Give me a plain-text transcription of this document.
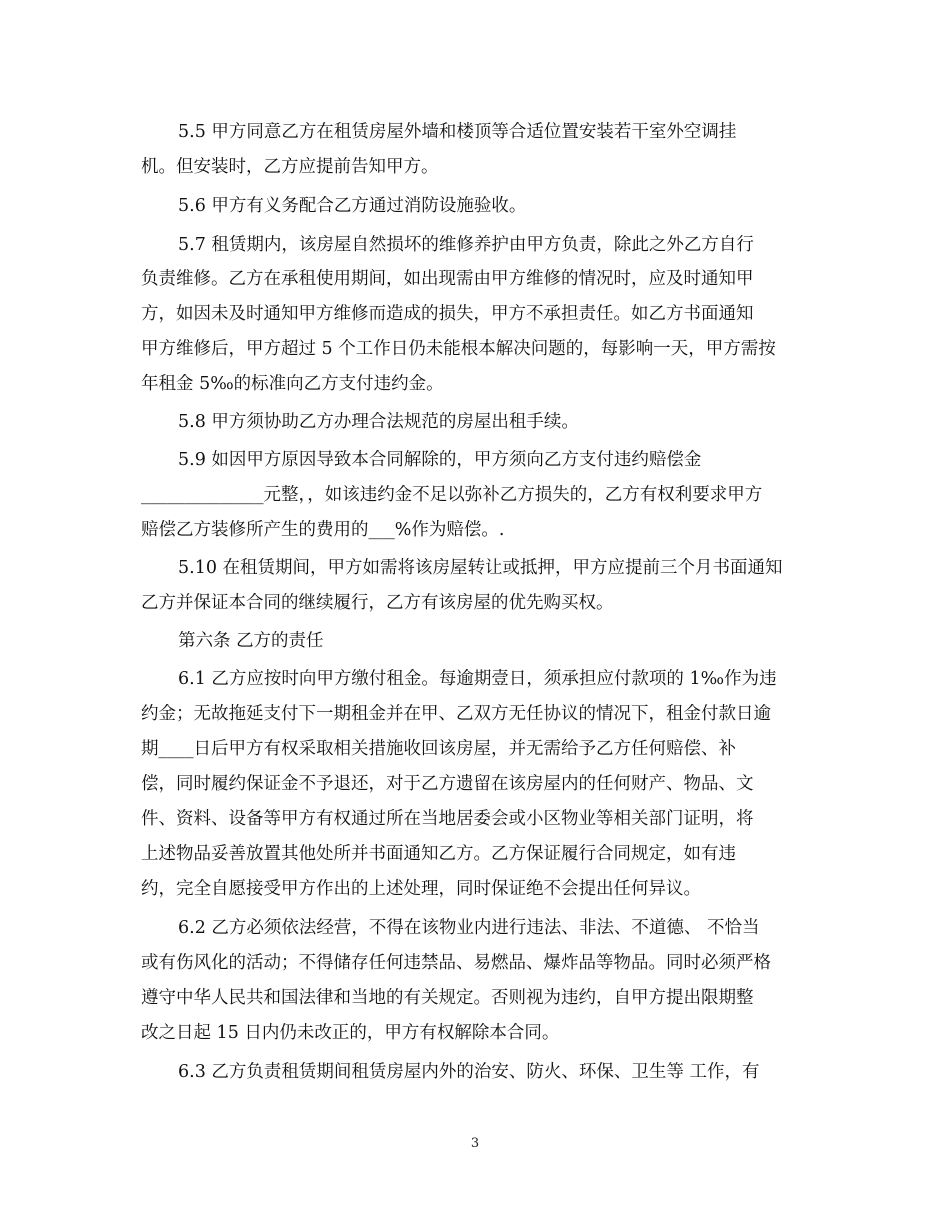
5.5 甲方同意乙方在租赁房屋外墙和楼顶等合适位置安装若干室外空调挂
机。但安装时，乙方应提前告知甲方。
5.6 甲方有义务配合乙方通过消防设施验收。
5.7 租赁期内，该房屋自然损坏的维修养护由甲方负责，除此之外乙方自行
负责维修。乙方在承租使用期间，如出现需由甲方维修的情况时，应及时通知甲
方，如因未及时通知甲方维修而造成的损失，甲方不承担责任。如乙方书面通知
甲方维修后，甲方超过 5 个工作日仍未能根本解决问题的，每影响一天，甲方需按
年租金 5‰的标准向乙方支付违约金。
5.8 甲方须协助乙方办理合法规范的房屋出租手续。
5.9 如因甲方原因导致本合同解除的，甲方须向乙方支付违约赔偿金
______________元整，，如该违约金不足以弥补乙方损失的，乙方有权利要求甲方
赔偿乙方装修所产生的费用的___%作为赔偿。.
5.10 在租赁期间，甲方如需将该房屋转让或抵押，甲方应提前三个月书面通知
乙方并保证本合同的继续履行，乙方有该房屋的优先购买权。
第六条 乙方的责任
6.1 乙方应按时向甲方缴付租金。每逾期壹日，须承担应付款项的 1‰作为违
约金；无故拖延支付下一期租金并在甲、乙双方无任协议的情况下，租金付款日逾
期____日后甲方有权采取相关措施收回该房屋，并无需给予乙方任何赔偿、补
偿，同时履约保证金不予退还，对于乙方遗留在该房屋内的任何财产、物品、文
件、资料、设备等甲方有权通过所在当地居委会或小区物业等相关部门证明，将
上述物品妥善放置其他处所并书面通知乙方。乙方保证履行合同规定，如有违
约，完全自愿接受甲方作出的上述处理，同时保证绝不会提出任何异议。
6.2 乙方必须依法经营，不得在该物业内进行违法、非法、不道德、 不恰当
或有伤风化的活动；不得储存任何违禁品、易燃品、爆炸品等物品。同时必须严格
遵守中华人民共和国法律和当地的有关规定。否则视为违约，自甲方提出限期整
改之日起 15 日内仍未改正的，甲方有权解除本合同。
6.3 乙方负责租赁期间租赁房屋内外的治安、防火、环保、卫生等 工作，有
3
